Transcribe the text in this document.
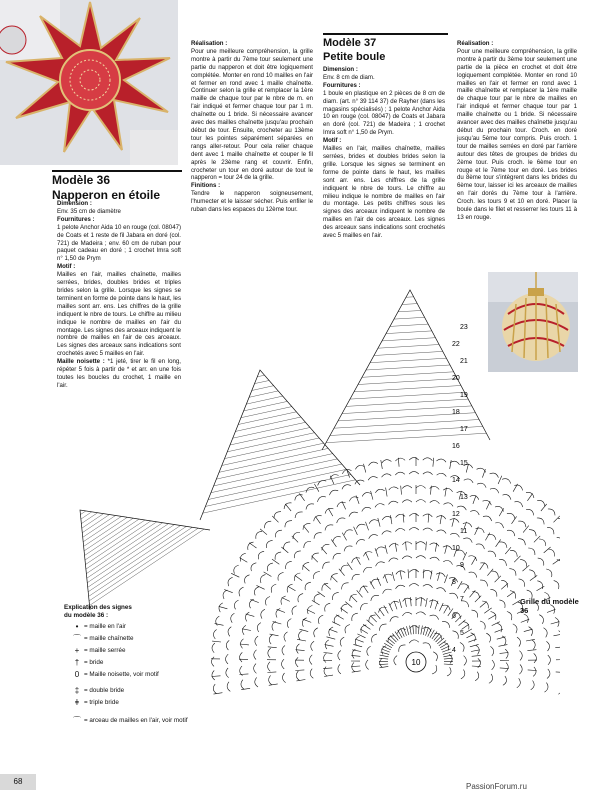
Modèle 36
Napperon en étoile

Dimension :

Env. 35 cm de diamètre

Fournitures :

1 pelote Anchor Aida 10 en rouge (col. 08047) de Coats et 1 reste de fil Jabara en doré (col. 721) de Madeira ; env. 60 cm de ruban pour paquet cadeau en doré ; 1 crochet Imra soft n° 1,50 de Prym

Motif :

Mailles en l'air, mailles chaînette, mailles serrées, brides, doubles brides et triples brides selon la grille. Lorsque les signes se terminent en forme de pointe dans le haut, les mailles sont arr. ens. Les chiffres de la grille indiquent le nbre de tours. Le chiffre au milieu indique le nombre de mailles en l'air du montage. Les signes des arceaux indiquent le nombre de mailles en l'air de ces arceaux. Les signes des arceaux sans indications sont crochetés avec 5 mailles en l'air.

Maille noisette : *1 jeté, tirer le fil en long, répéter 5 fois à partir de * et arr. en une fois toutes les boucles du crochet, 1 maille en l'air.

Réalisation :

Pour une meilleure compréhension, la grille montre à partir du 7ème tour seulement une partie du napperon et doit être logiquement complétée. Monter en rond 10 mailles en l'air et fermer en rond avec 1 maille chaînette. Continuer selon la grille et remplacer la 1ère maille de chaque tour par le nbre de m. en l'air indiqué et fermer chaque tour par 1 m. chaînette ou 1 bride. Si nécessaire avancer avec des mailles chaînette jusqu'au prochain début de tour. Ensuite, crocheter au 13ème tour les pointes séparément séparées en rangs aller-retour. Pour cela relier chaque dent avec 1 maille chaînette et couper le fil après le 23ème rang et couvrir. Enfin, crocheter un tour en doré autour de tout le napperon = tour 24 de la grille.

Finitions :

Tendre le napperon soigneusement, l'humecter et le laisser sécher. Puis enfiler le ruban dans les espaces du 12ème tour.

Modèle 37
Petite boule

Dimension :

Env. 8 cm de diam.

Fournitures :

1 boule en plastique en 2 pièces de 8 cm de diam. (art. n° 39 114 37) de Rayher (dans les magasins spécialisés) ; 1 pelote Anchor Aida 10 en rouge (col. 08047) de Coats et Jabara en doré (col. 721) de Madeira ; 1 crochet Imra soft n° 1,50 de Prym.

Motif :

Mailles en l'air, mailles chaînette, mailles serrées, brides et doubles brides selon la grille. Lorsque les signes se terminent en forme de pointe dans le haut, les mailles sont arr. ens. Les chiffres de la grille indiquent le nbre de tours. Le chiffre au milieu indique le nombre de mailles en l'air du montage. Les petits chiffres sous les signes des arceaux indiquent le nombre de mailles en l'air de ces arceaux. Les signes des arceaux sans indications sont crochetés avec 5 mailles en l'air.

Réalisation :

Pour une meilleure compréhension, la grille montre à partir du 3ème tour seulement une partie de la pièce en crochet et doit être logiquement complétée. Monter en rond 10 mailles en l'air et fermer en rond avec 1 maille chaînette et remplacer la 1ère maille de chaque tour par le nbre de mailles en l'air indiqué et fermer chaque tour par 1 maille chaînette ou 1 bride. Si nécessaire avancer avec des mailles chaînette jusqu'au début du prochain tour. Croch. en doré jusqu'au 5ème tour compris. Puis croch. 1 tour de mailles serrées en doré par l'arrière autour des têtes de groupes de brides du 2ème tour. Puis croch. le 6ème tour en rouge et le 7ème tour en doré. Les brides du 8ème tour s'intègrent dans les brides du 6ème tour, laisser ici les arceaux de mailles en l'air dorés du 7ème tour à l'arrière. Croch. les tours 9 et 10 en doré. Placer la boule dans le filet et resserrer les tours 11 à 13 en rouge.

4
5
6
7
8
9
10
11
12
13
14
15
16
17
18
19
20
21
22
23
10
Explication des signes du modèle 36 :
• = maille en l'air
⌒ = maille chaînette
+ = maille serrée
† = bride
0 = Maille noisette, voir motif
‡ = double bride
ǂ = triple bride
⌒ = arceau de mailles en l'air, voir motif
Grille du modèle 36
68
PassionForum.ru
